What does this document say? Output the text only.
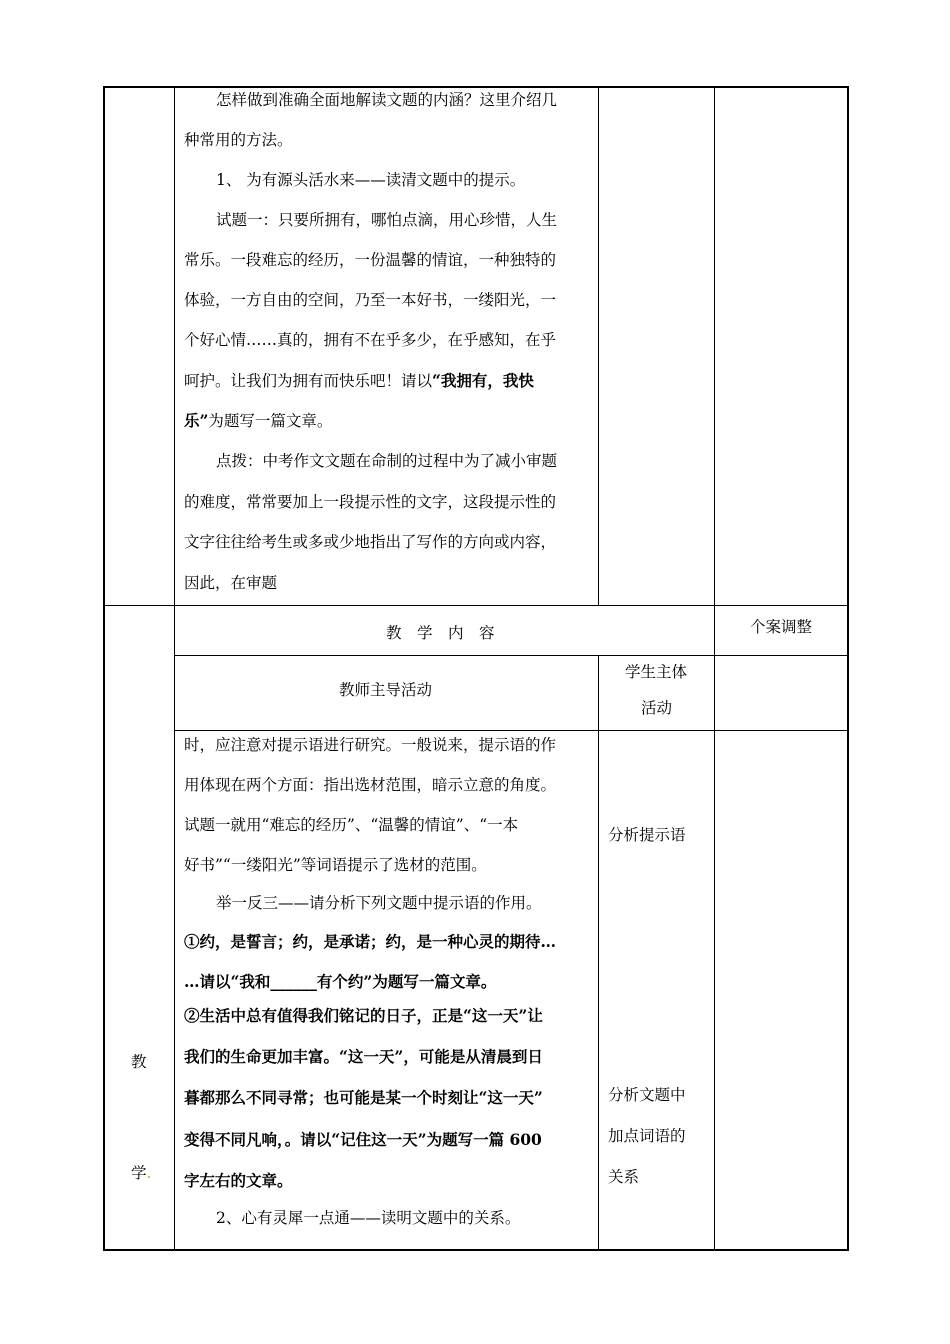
怎样做到准确全面地解读文题的内涵？这里介绍几
种常用的方法。
1、 为有源头活水来——读清文题中的提示。
试题一：只要所拥有，哪怕点滴，用心珍惜，人生
常乐。一段难忘的经历，一份温馨的情谊，一种独特的
体验，一方自由的空间，乃至一本好书，一缕阳光，一
个好心情……真的，拥有不在乎多少，在乎感知，在乎
呵护。让我们为拥有而快乐吧！请以“我拥有，我快
乐”为题写一篇文章。
点拨：中考作文文题在命制的过程中为了减小审题
的难度，常常要加上一段提示性的文字，这段提示性的
文字往往给考生或多或少地指出了写作的方向或内容，
因此，在审题
教　学　内　容	个案调整
教师主导活动
学生主体
活动
教
学.
时，应注意对提示语进行研究。一般说来，提示语的作
用体现在两个方面：指出选材范围，暗示立意的角度。
试题一就用“难忘的经历”、“温馨的情谊”、“一本
好书”“一缕阳光”等词语提示了选材的范围。
举一反三——请分析下列文题中提示语的作用。
①约，是誓言；约，是承诺；约，是一种心灵的期待…
…请以“我和______有个约”为题写一篇文章。
②生活中总有值得我们铭记的日子，正是“这一天”让
我们的生命更加丰富。“这一天”，可能是从清晨到日
暮都那么不同寻常；也可能是某一个时刻让“这一天”
变得不同凡响，。请以“记住这一天”为题写一篇 600
字左右的文章。
2、心有灵犀一点通——读明文题中的关系。
分析提示语
分析文题中
加点词语的
关系
